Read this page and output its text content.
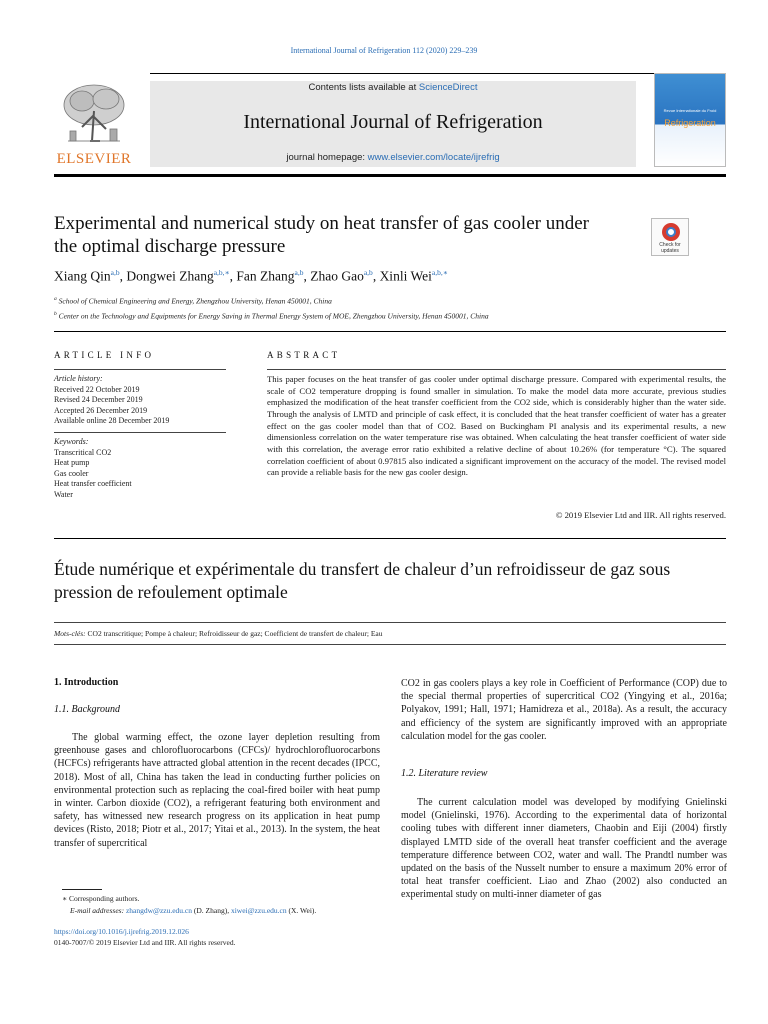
International Journal of Refrigeration 112 (2020) 229–239
ELSEVIER
Contents lists available at ScienceDirect
International Journal of Refrigeration
journal homepage: www.elsevier.com/locate/ijrefrig
Revue Internationale du Froid
Refrigeration
Experimental and numerical study on heat transfer of gas cooler under the optimal discharge pressure	Check for
updates
Xiang Qin$^{a,b}$, Dongwei Zhang$^{a,b,∗}$, Fan Zhang$^{a,b}$, Zhao Gao$^{a,b}$, Xinli Wei$^{a,b,∗}$
$^a$ School of Chemical Engineering and Energy, Zhengzhou University, Henan 450001, China
$^b$ Center on the Technology and Equipments for Energy Saving in Thermal Energy System of MOE, Zhengzhou University, Henan 450001, China
ARTICLE INFO
Article history:
Received 22 October 2019
Revised 24 December 2019
Accepted 26 December 2019
Available online 28 December 2019
Keywords:
Transcritical CO2
Heat pump
Gas cooler
Heat transfer coefficient
Water
ABSTRACT
This paper focuses on the heat transfer of gas cooler under optimal discharge pressure. Compared with experimental results, the scale of CO2 temperature dropping is found smaller in simulation. To make the model data more accurate, previous studies emphasized the modification of the heat transfer coefficient from the CO2 side, which is considerably higher than the water side. Through the analysis of LMTD and principle of cask effect, it is concluded that the heat transfer coefficient of water has a greater effect on the gas cooler model than that of CO2. Based on Buckingham PI analysis and its experimental results, a new dimensionless correlation on the water temperature rise was obtained. When calculating the heat transfer coefficient of water side with this correlation, the average error ratio exhibited a relative decline of about 10.26% (for temperature °C). The squared correlation coefficient of about 0.97815 also indicated a significant improvement on the accuracy of the model. The revised model can provide a reliable basis for the new gas cooler design.
© 2019 Elsevier Ltd and IIR. All rights reserved.
Étude numérique et expérimentale du transfert de chaleur d’un refroidisseur de gaz sous pression de refoulement optimale
Mots-clés: CO2 transcritique; Pompe à chaleur; Refroidisseur de gaz; Coefficient de transfert de chaleur; Eau
1. Introduction
1.1. Background
The global warming effect, the ozone layer depletion resulting from greenhouse gases and chlorofluorocarbons (CFCs)/ hydrochlorofluorocarbons (HCFCs) refrigerants have attracted global attention in the recent decades (IPCC, 2018). Most of all, China has taken the lead in conducting further policies on environmental protection such as replacing the coal-fired boiler with heat pump in winter. Carbon dioxide (CO2), a refrigerant featuring both environment and safety, has witnessed new research progress on its application in heat pump devices (Risto, 2018; Piotr et al., 2017; Yitai et al., 2013). In the system, the heat transfer of supercritical
CO2 in gas coolers plays a key role in Coefficient of Performance (COP) due to the special thermal properties of supercritical CO2 (Yingying et al., 2016a; Polyakov, 1991; Hall, 1971; Hamidreza et al., 2018a). As a result, the accuracy and efficiency of the system are significantly improved with an appropriate calculation model for the gas cooler.
1.2. Literature review
The current calculation model was developed by modifying Gnielinski model (Gnielinski, 1976). According to the experimental data of horizontal cooling tubes with different inner diameters, Chaobin and Eiji (2004) firstly displayed LMTD side of the overall heat transfer coefficient and the average temperature difference between CO2, water and wall. The Prandtl number was updated on the basis of the Nusselt number to ensure a maximum 20% error of total heat transfer coefficient. Liao and Zhao (2002) also conducted an experimental study on multi-inner diameter of gas
∗ Corresponding authors.
E-mail addresses: zhangdw@zzu.edu.cn (D. Zhang), xiwei@zzu.edu.cn (X. Wei).
https://doi.org/10.1016/j.ijrefrig.2019.12.026
0140-7007/© 2019 Elsevier Ltd and IIR. All rights reserved.
